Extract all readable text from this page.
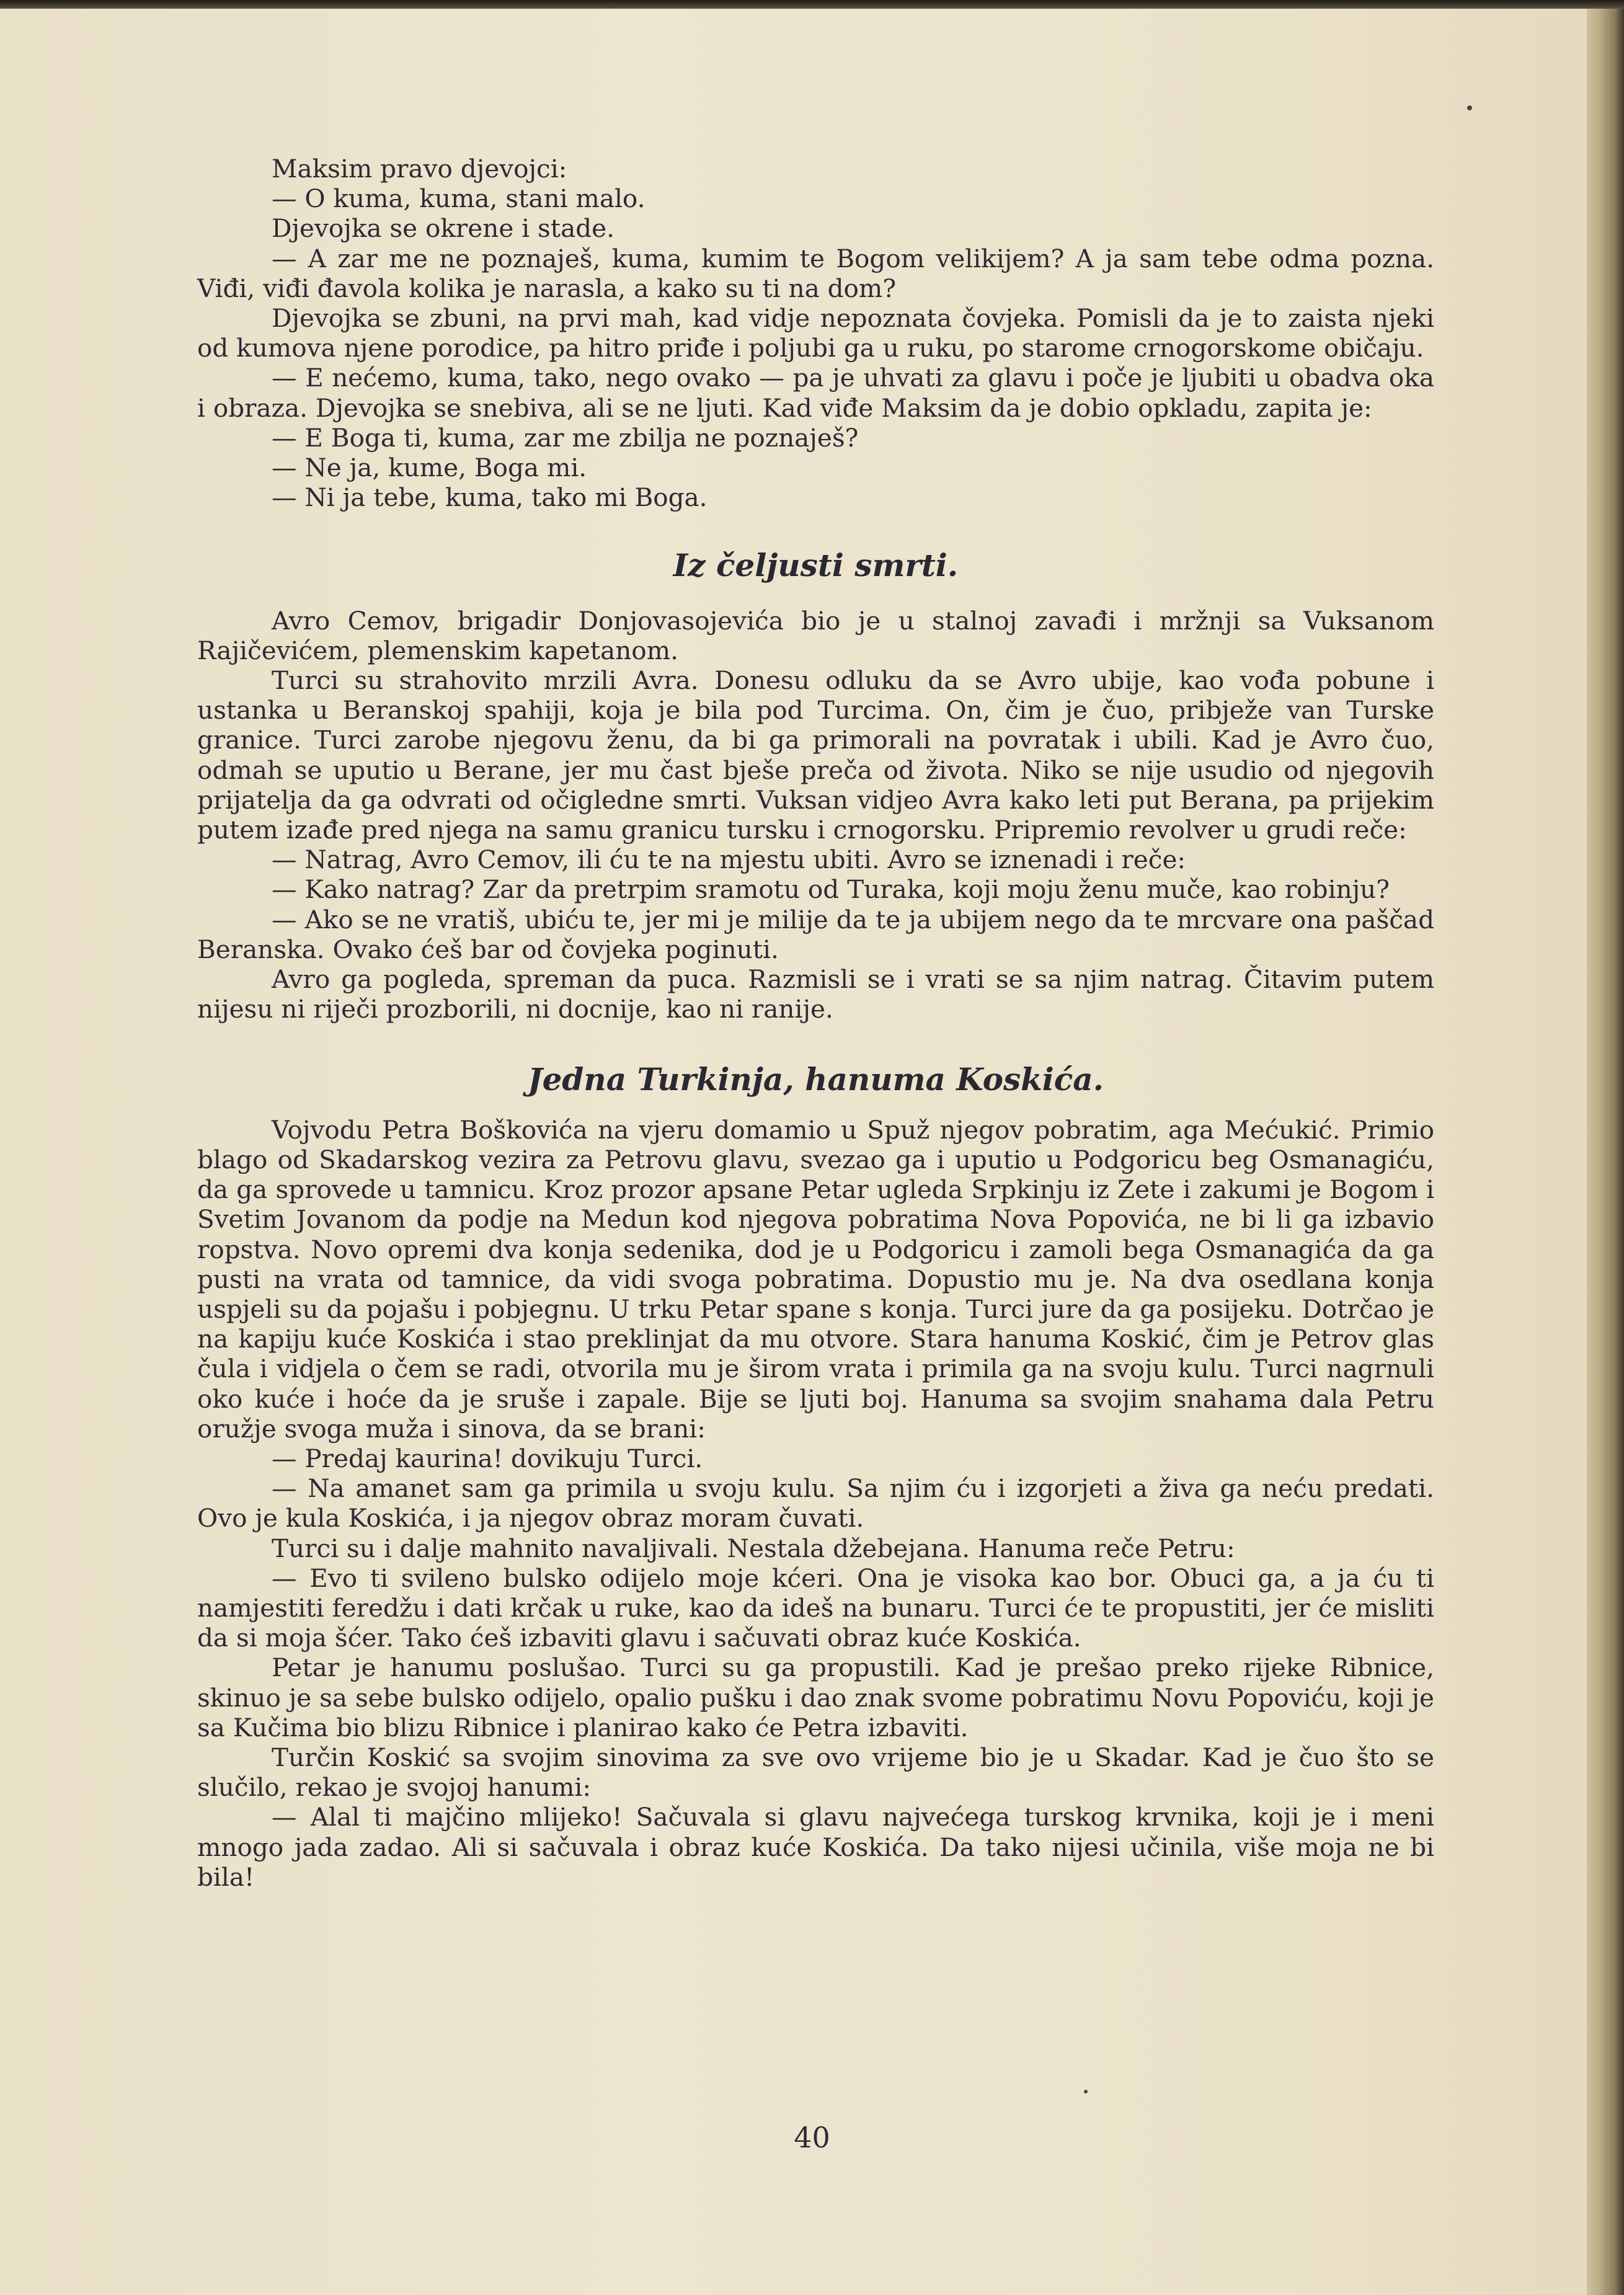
Maksim pravo djevojci:

— O kuma, kuma, stani malo.

Djevojka se okrene i stade.

— A zar me ne poznaješ, kuma, kumim te Bogom velikijem? A ja sam tebe odma pozna. Viđi, viđi đavola kolika je narasla, a kako su ti na dom?

Djevojka se zbuni, na prvi mah, kad vidje nepoznata čovjeka. Pomisli da je to zaista njeki od kumova njene porodice, pa hitro priđe i poljubi ga u ruku, po starome crnogorskome običaju.

— E nećemo, kuma, tako, nego ovako — pa je uhvati za glavu i poče je ljubiti u obadva oka i obraza. Djevojka se snebiva, ali se ne ljuti. Kad viđe Maksim da je dobio opkladu, zapita je:

— E Boga ti, kuma, zar me zbilja ne poznaješ?

— Ne ja, kume, Boga mi.

— Ni ja tebe, kuma, tako mi Boga.

Iz čeljusti smrti.

Avro Cemov, brigadir Donjovasojevića bio je u stalnoj zavađi i mržnji sa Vuksanom Rajičevićem, plemenskim kapetanom.

Turci su strahovito mrzili Avra. Donesu odluku da se Avro ubije, kao vođa pobune i ustanka u Beranskoj spahiji, koja je bila pod Turcima. On, čim je čuo, pribježe van Turske granice. Turci zarobe njegovu ženu, da bi ga primorali na povratak i ubili. Kad je Avro čuo, odmah se uputio u Berane, jer mu čast bješe preča od života. Niko se nije usudio od njegovih prijatelja da ga odvrati od očigledne smrti. Vuksan vidjeo Avra kako leti put Berana, pa prijekim putem izađe pred njega na samu granicu tursku i crnogorsku. Pripremio revolver u grudi reče:

— Natrag, Avro Cemov, ili ću te na mjestu ubiti. Avro se iznenadi i reče:

— Kako natrag? Zar da pretrpim sramotu od Turaka, koji moju ženu muče, kao robinju?

— Ako se ne vratiš, ubiću te, jer mi je milije da te ja ubijem nego da te mrcvare ona paščad Beranska. Ovako ćeš bar od čovjeka poginuti.

Avro ga pogleda, spreman da puca. Razmisli se i vrati se sa njim natrag. Čitavim putem nijesu ni riječi prozborili, ni docnije, kao ni ranije.

Jedna Turkinja, hanuma Koskića.

Vojvodu Petra Boškovića na vjeru domamio u Spuž njegov pobratim, aga Mećukić. Primio blago od Skadarskog vezira za Petrovu glavu, svezao ga i uputio u Podgoricu beg Osmanagiću, da ga sprovede u tamnicu. Kroz prozor apsane Petar ugleda Srpkinju iz Zete i zakumi je Bogom i Svetim Jovanom da podje na Medun kod njegova pobratima Nova Popovića, ne bi li ga izbavio ropstva. Novo opremi dva konja sedenika, dod je u Podgoricu i zamoli bega Osmanagića da ga pusti na vrata od tamnice, da vidi svoga pobratima. Dopustio mu je. Na dva osedlana konja uspjeli su da pojašu i pobjegnu. U trku Petar spane s konja. Turci jure da ga posijeku. Dotrčao je na kapiju kuće Koskića i stao preklinjat da mu otvore. Stara hanuma Koskić, čim je Petrov glas čula i vidjela o čem se radi, otvorila mu je širom vrata i primila ga na svoju kulu. Turci nagrnuli oko kuće i hoće da je sruše i zapale. Bije se ljuti boj. Hanuma sa svojim snahama dala Petru oružje svoga muža i sinova, da se brani:

— Predaj kaurina! dovikuju Turci.

— Na amanet sam ga primila u svoju kulu. Sa njim ću i izgorjeti a živa ga neću predati. Ovo je kula Koskića, i ja njegov obraz moram čuvati.

Turci su i dalje mahnito navaljivali. Nestala džebejana. Hanuma reče Petru:

— Evo ti svileno bulsko odijelo moje kćeri. Ona je visoka kao bor. Obuci ga, a ja ću ti namjestiti feredžu i dati krčak u ruke, kao da ideš na bunaru. Turci će te propustiti, jer će misliti da si moja šćer. Tako ćeš izbaviti glavu i sačuvati obraz kuće Koskića.

Petar je hanumu poslušao. Turci su ga propustili. Kad je prešao preko rijeke Ribnice, skinuo je sa sebe bulsko odijelo, opalio pušku i dao znak svome pobratimu Novu Popoviću, koji je sa Kučima bio blizu Ribnice i planirao kako će Petra izbaviti.

Turčin Koskić sa svojim sinovima za sve ovo vrijeme bio je u Skadar. Kad je čuo što se slučilo, rekao je svojoj hanumi:

— Alal ti majčino mlijeko! Sačuvala si glavu najvećega turskog krvnika, koji je i meni mnogo jada zadao. Ali si sačuvala i obraz kuće Koskića. Da tako nijesi učinila, više moja ne bi bila!

40
